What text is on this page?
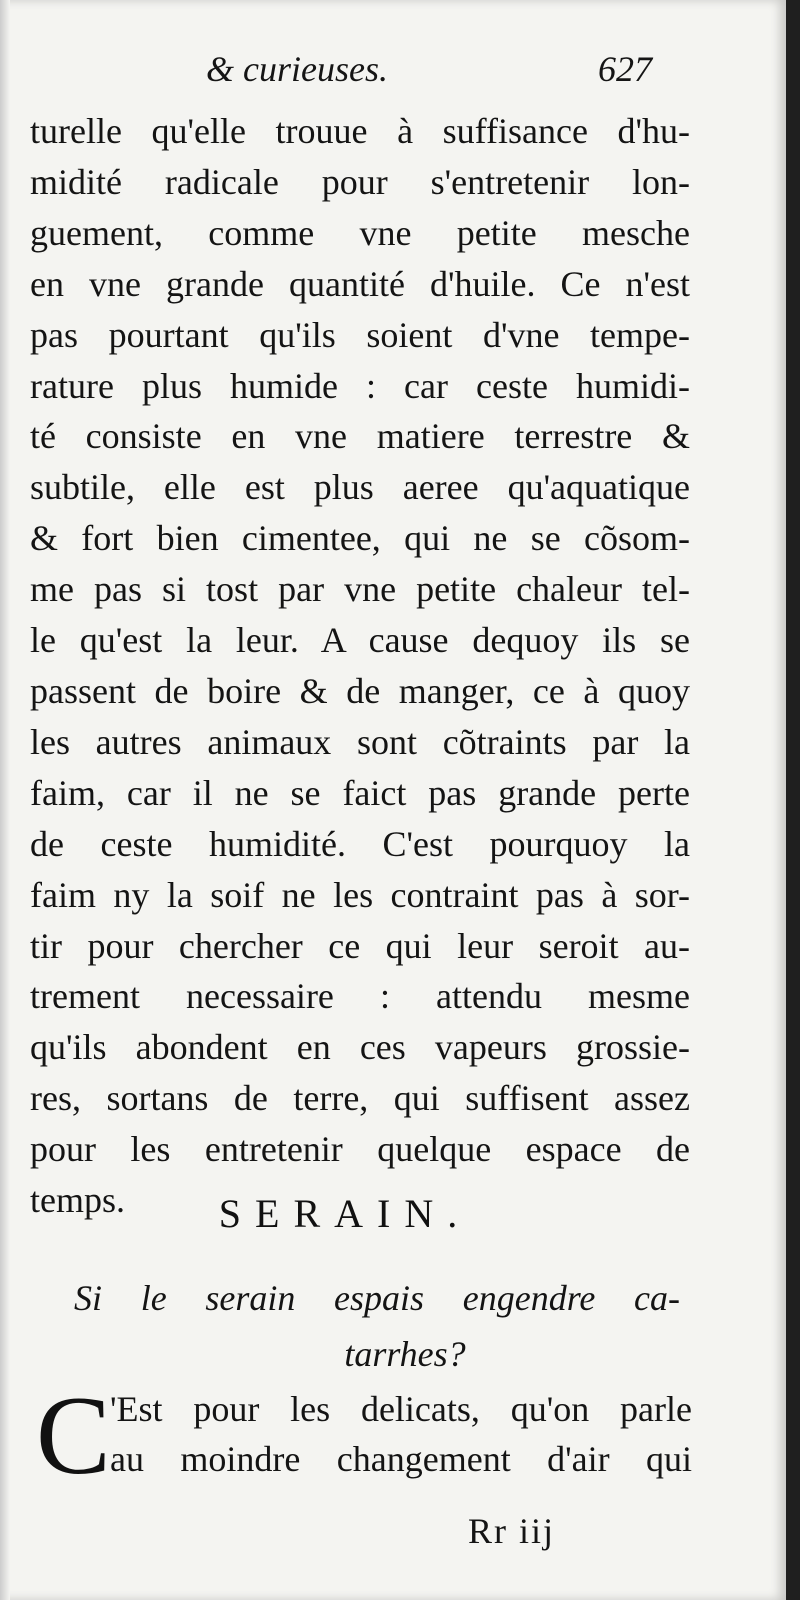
& curieuses.	627
turelle qu'elle trouue à suffisance d'hu-
midité radicale pour s'entretenir lon-
guement, comme vne petite mesche
en vne grande quantité d'huile. Ce n'est
pas pourtant qu'ils soient d'vne tempe-
rature plus humide : car ceste humidi-
té consiste en vne matiere terrestre &
subtile, elle est plus aeree qu'aquatique
& fort bien cimentee, qui ne se cõsom-
me pas si tost par vne petite chaleur tel-
le qu'est la leur. A cause dequoy ils se
passent de boire & de manger, ce à quoy
les autres animaux sont cõtraints par la
faim, car il ne se faict pas grande perte
de ceste humidité. C'est pourquoy la
faim ny la soif ne les contraint pas à sor-
tir pour chercher ce qui leur seroit au-
trement necessaire : attendu mesme
qu'ils abondent en ces vapeurs grossie-
res, sortans de terre, qui suffisent assez
pour les entretenir quelque espace de
temps.	SERAIN.
Si le serain espais engendre ca-
tarrhes?
C 'Est pour les delicats, qu'on parle
au moindre changement d'air qui
Rr iij
